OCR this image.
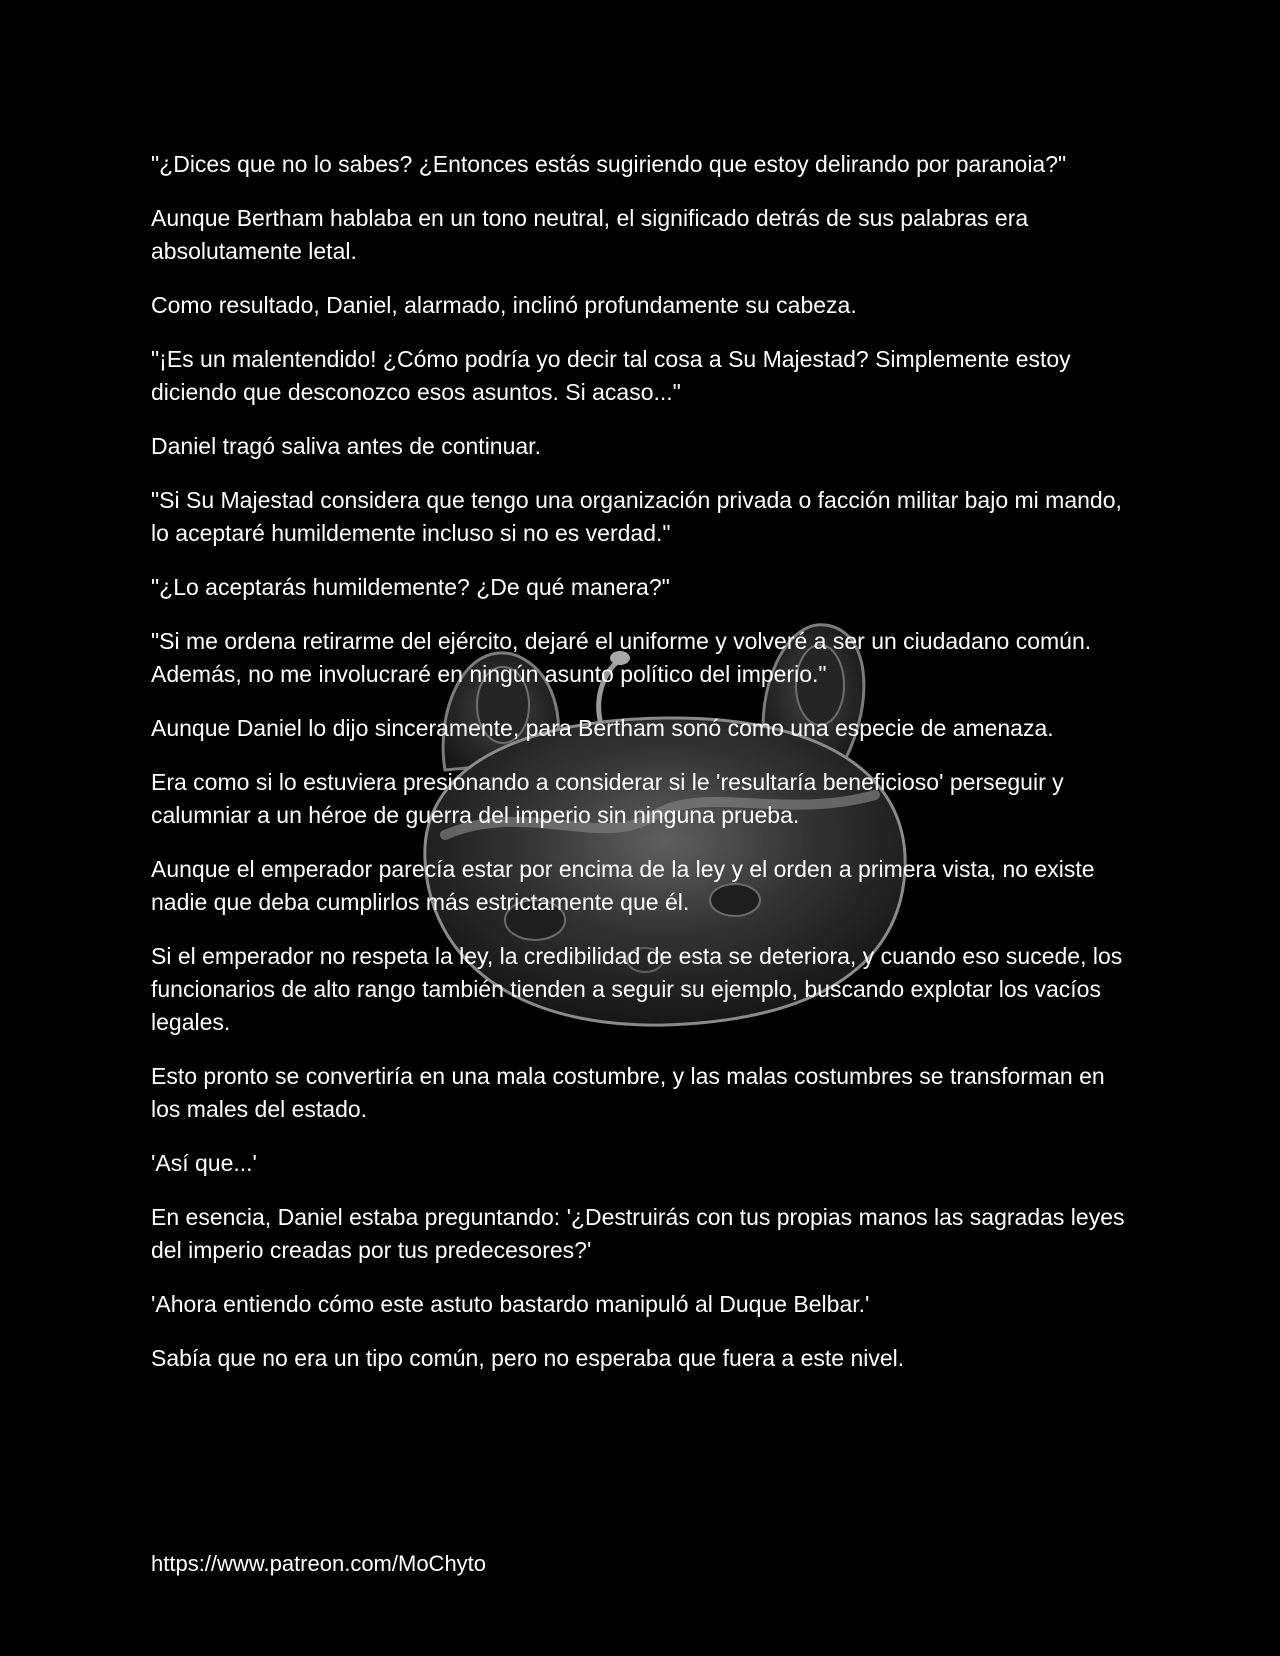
"¿Dices que no lo sabes? ¿Entonces estás sugiriendo que estoy delirando por paranoia?"

Aunque Bertham hablaba en un tono neutral, el significado detrás de sus palabras era absolutamente letal.

Como resultado, Daniel, alarmado, inclinó profundamente su cabeza.

"¡Es un malentendido! ¿Cómo podría yo decir tal cosa a Su Majestad? Simplemente estoy diciendo que desconozco esos asuntos. Si acaso..."

Daniel tragó saliva antes de continuar.

"Si Su Majestad considera que tengo una organización privada o facción militar bajo mi mando, lo aceptaré humildemente incluso si no es verdad."

"¿Lo aceptarás humildemente? ¿De qué manera?"

"Si me ordena retirarme del ejército, dejaré el uniforme y volveré a ser un ciudadano común. Además, no me involucraré en ningún asunto político del imperio."

Aunque Daniel lo dijo sinceramente, para Bertham sonó como una especie de amenaza.

Era como si lo estuviera presionando a considerar si le 'resultaría beneficioso' perseguir y calumniar a un héroe de guerra del imperio sin ninguna prueba.

Aunque el emperador parecía estar por encima de la ley y el orden a primera vista, no existe nadie que deba cumplirlos más estrictamente que él.

Si el emperador no respeta la ley, la credibilidad de esta se deteriora, y cuando eso sucede, los funcionarios de alto rango también tienden a seguir su ejemplo, buscando explotar los vacíos legales.

Esto pronto se convertiría en una mala costumbre, y las malas costumbres se transforman en los males del estado.

'Así que...'

En esencia, Daniel estaba preguntando: '¿Destruirás con tus propias manos las sagradas leyes del imperio creadas por tus predecesores?'

'Ahora entiendo cómo este astuto bastardo manipuló al Duque Belbar.'

Sabía que no era un tipo común, pero no esperaba que fuera a este nivel.

https://www.patreon.com/MoChyto
